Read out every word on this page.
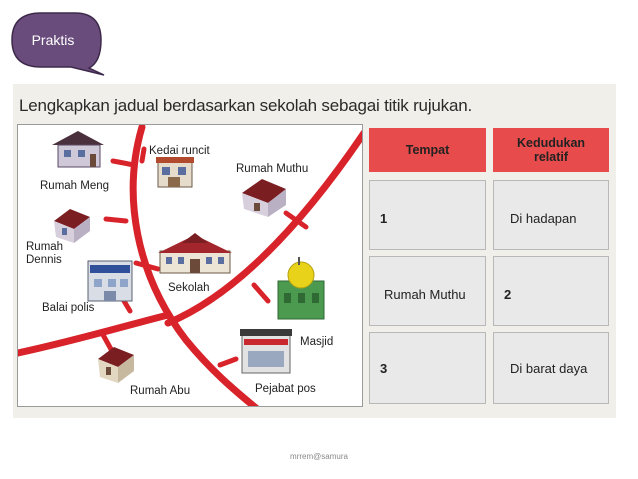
Praktis
Lengkapkan jadual berdasarkan sekolah sebagai titik rujukan.
Rumah Meng
Kedai runcit
Rumah Muthu
Rumah
Dennis
Sekolah
Balai polis
Masjid
Pejabat pos
Rumah Abu
Tempat	Kedudukan
relatif
1	Di hadapan
Rumah Muthu	2
3	Di barat daya
mrrem@samura
